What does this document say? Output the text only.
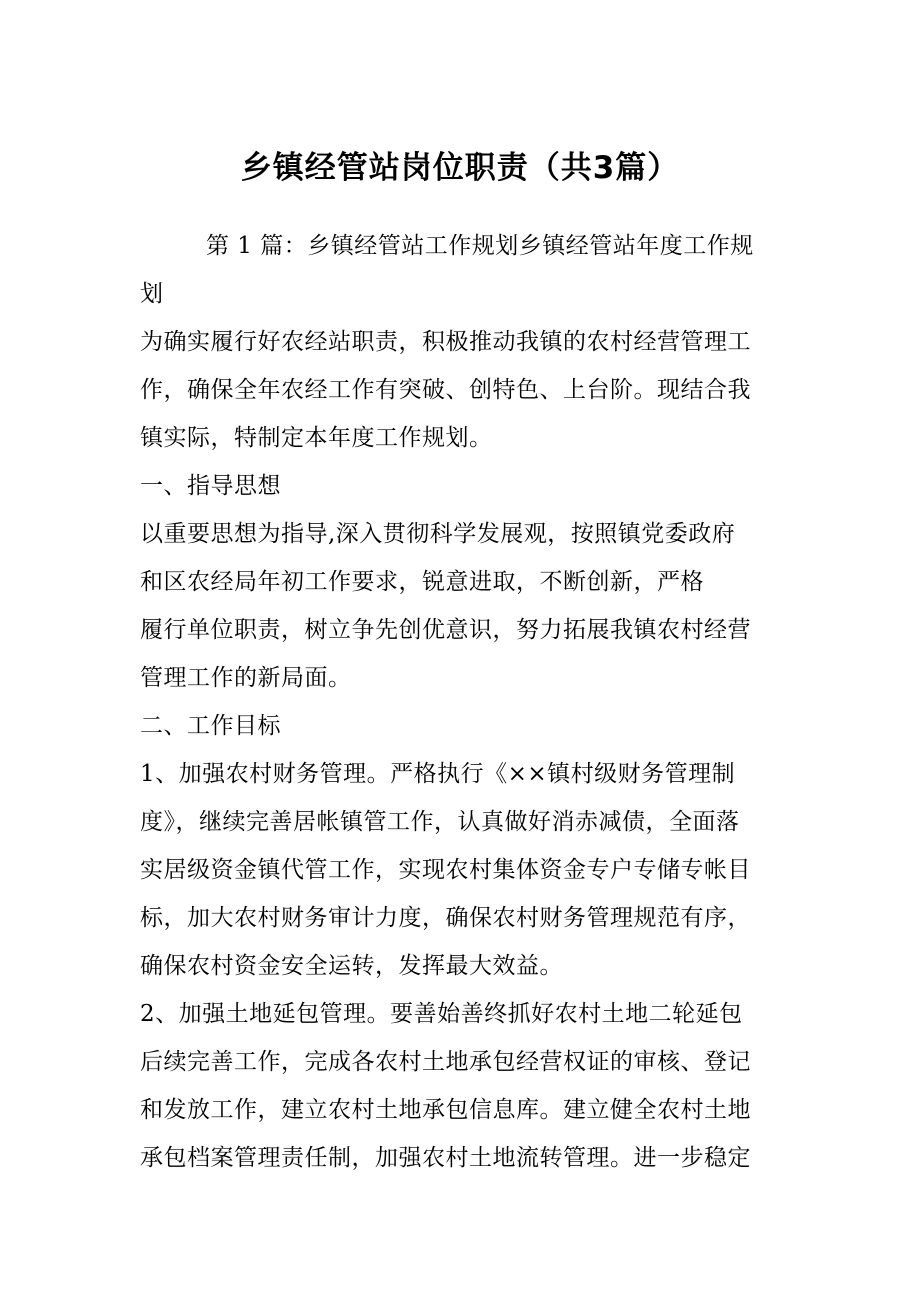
乡镇经管站岗位职责（共3篇）

第 1 篇：乡镇经管站工作规划乡镇经管站年度工作规

划

为确实履行好农经站职责，积极推动我镇的农村经营管理工

作，确保全年农经工作有突破、创特色、上台阶。现结合我

镇实际，特制定本年度工作规划。

一、指导思想

以重要思想为指导,深入贯彻科学发展观，按照镇党委政府

和区农经局年初工作要求，锐意进取，不断创新，严格

履行单位职责，树立争先创优意识，努力拓展我镇农村经营

管理工作的新局面。

二、工作目标

1、加强农村财务管理。严格执行《××镇村级财务管理制

度》，继续完善居帐镇管工作，认真做好消赤减债，全面落

实居级资金镇代管工作，实现农村集体资金专户专储专帐目

标，加大农村财务审计力度，确保农村财务管理规范有序，

确保农村资金安全运转，发挥最大效益。

2、加强土地延包管理。要善始善终抓好农村土地二轮延包

后续完善工作，完成各农村土地承包经营权证的审核、登记

和发放工作，建立农村土地承包信息库。建立健全农村土地

承包档案管理责任制，加强农村土地流转管理。进一步稳定
